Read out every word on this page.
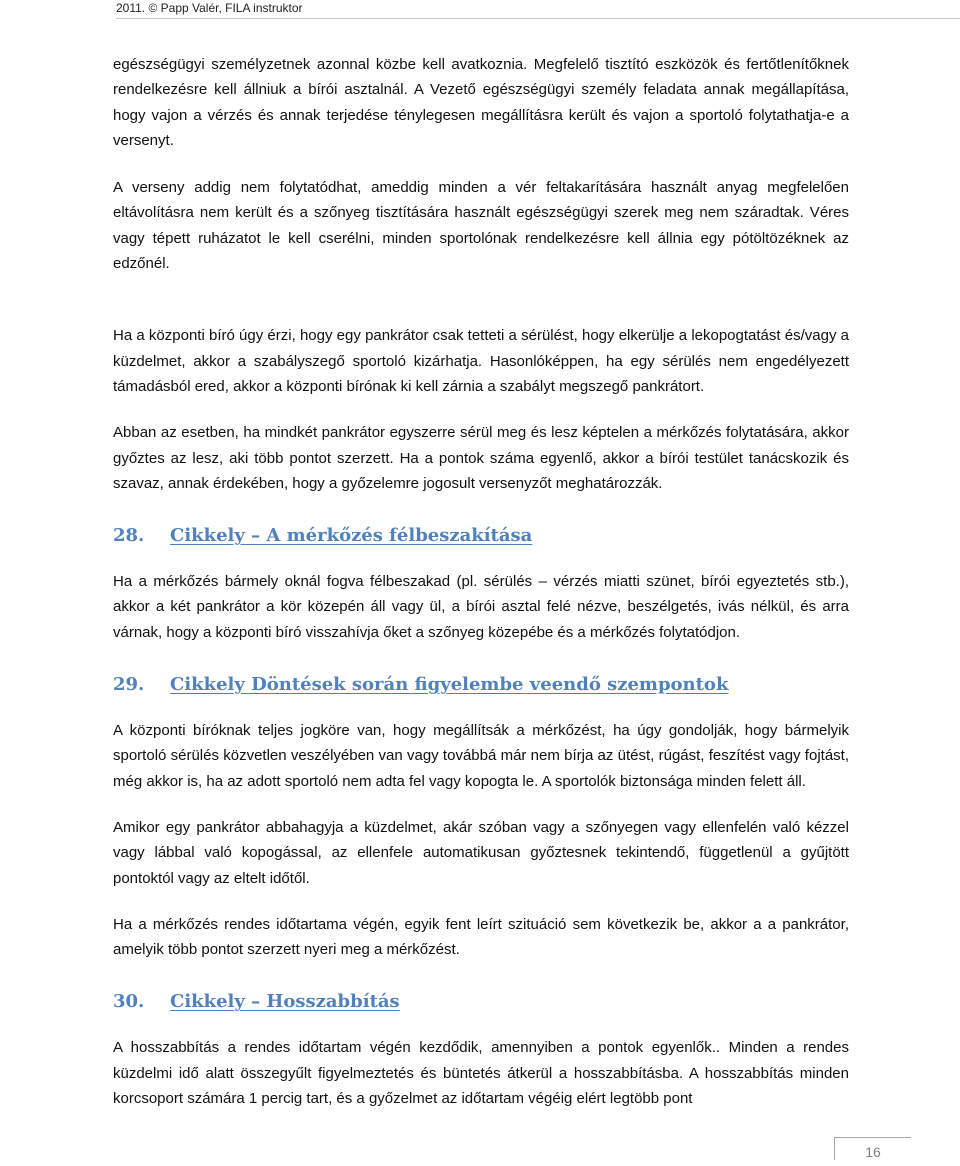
2011. © Papp Valér, FILA instruktor

egészségügyi személyzetnek azonnal közbe kell avatkoznia. Megfelelő tisztító eszközök és fertőtlenítőknek rendelkezésre kell állniuk a bírói asztalnál. A Vezető egészségügyi személy feladata annak megállapítása, hogy vajon a vérzés és annak terjedése ténylegesen megállításra került és vajon a sportoló folytathatja-e a versenyt.

A verseny addig nem folytatódhat, ameddig minden a vér feltakarítására használt anyag megfelelően eltávolításra nem került és a szőnyeg tisztítására használt egészségügyi szerek meg nem száradtak. Véres vagy tépett ruházatot le kell cserélni, minden sportolónak rendelkezésre kell állnia egy pótöltözéknek az edzőnél.

Ha a központi bíró úgy érzi, hogy egy pankrátor csak tetteti a sérülést, hogy elkerülje a lekopogtatást és/vagy a küzdelmet, akkor a szabályszegő sportoló kizárhatja. Hasonlóképpen, ha egy sérülés nem engedélyezett támadásból ered, akkor a központi bírónak ki kell zárnia a szabályt megszegő pankrátort.

Abban az esetben, ha mindkét pankrátor egyszerre sérül meg és lesz képtelen a mérkőzés folytatására, akkor győztes az lesz, aki több pontot szerzett. Ha a pontok száma egyenlő, akkor a bírói testület tanácskozik és szavaz, annak érdekében, hogy a győzelemre jogosult versenyzőt meghatározzák.

28. Cikkely – A mérkőzés félbeszakítása

Ha a mérkőzés bármely oknál fogva félbeszakad (pl. sérülés – vérzés miatti szünet, bírói egyeztetés stb.), akkor a két pankrátor a kör közepén áll vagy ül, a bírói asztal felé nézve, beszélgetés, ivás nélkül, és arra várnak, hogy a központi bíró visszahívja őket a szőnyeg közepébe és a mérkőzés folytatódjon.

29. Cikkely Döntések során figyelembe veendő szempontok

A központi bíróknak teljes jogköre van, hogy megállítsák a mérkőzést, ha úgy gondolják, hogy bármelyik sportoló sérülés közvetlen veszélyében van vagy továbbá már nem bírja az ütést, rúgást, feszítést vagy fojtást, még akkor is, ha az adott sportoló nem adta fel vagy kopogta le. A sportolók biztonsága minden felett áll.

Amikor egy pankrátor abbahagyja a küzdelmet, akár szóban vagy a szőnyegen vagy ellenfelén való kézzel vagy lábbal való kopogással, az ellenfele automatikusan győztesnek tekintendő, függetlenül a gyűjtött pontoktól vagy az eltelt időtől.

Ha a mérkőzés rendes időtartama végén, egyik fent leírt szituáció sem következik be, akkor a a pankrátor, amelyik több pontot szerzett nyeri meg a mérkőzést.

30. Cikkely – Hosszabbítás

A hosszabbítás a rendes időtartam végén kezdődik, amennyiben a pontok egyenlők.. Minden a rendes küzdelmi idő alatt összegyűlt figyelmeztetés és büntetés átkerül a hosszabbításba. A hosszabbítás minden korcsoport számára 1 percig tart, és a győzelmet az időtartam végéig elért legtöbb pont

16
